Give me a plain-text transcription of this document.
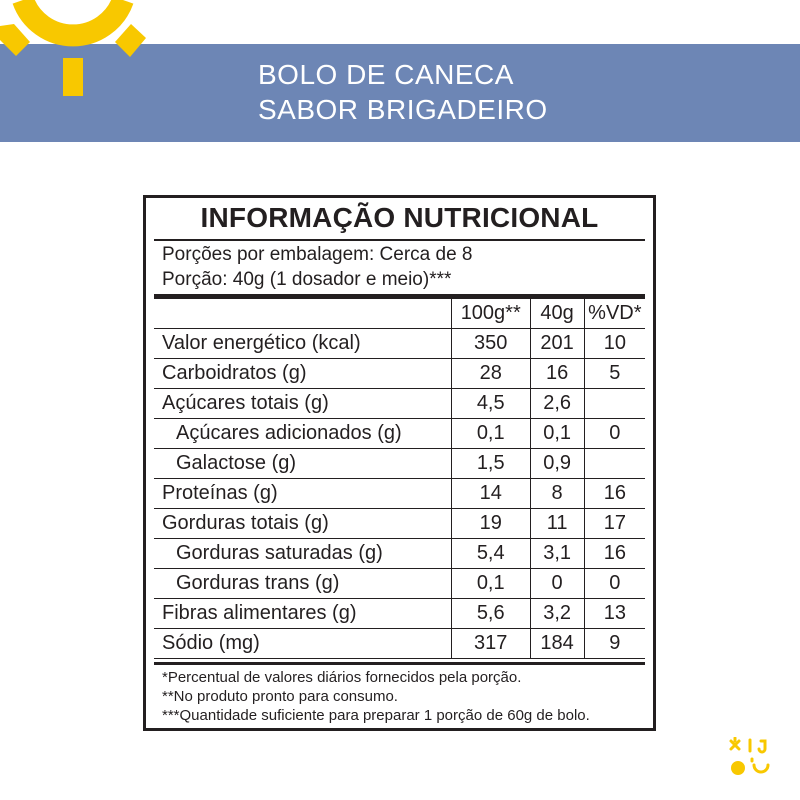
BOLO DE CANECA
SABOR BRIGADEIRO
INFORMAÇÃO NUTRICIONAL
Porções por embalagem: Cerca de 8
Porção: 40g (1 dosador e meio)***
	100g**	40g	%VD*
Valor energético (kcal)	350	201	10
Carboidratos (g)	28	16	5
Açúcares totais (g)	4,5	2,6	
Açúcares adicionados (g)	0,1	0,1	0
Galactose (g)	1,5	0,9	
Proteínas (g)	14	8	16
Gorduras totais (g)	19	11	17
Gorduras saturadas (g)	5,4	3,1	16
Gorduras trans (g)	0,1	0	0
Fibras alimentares (g)	5,6	3,2	13
Sódio (mg)	317	184	9
*Percentual de valores diários fornecidos pela porção.
**No produto pronto para consumo.
***Quantidade suficiente para preparar 1 porção de 60g de bolo.
